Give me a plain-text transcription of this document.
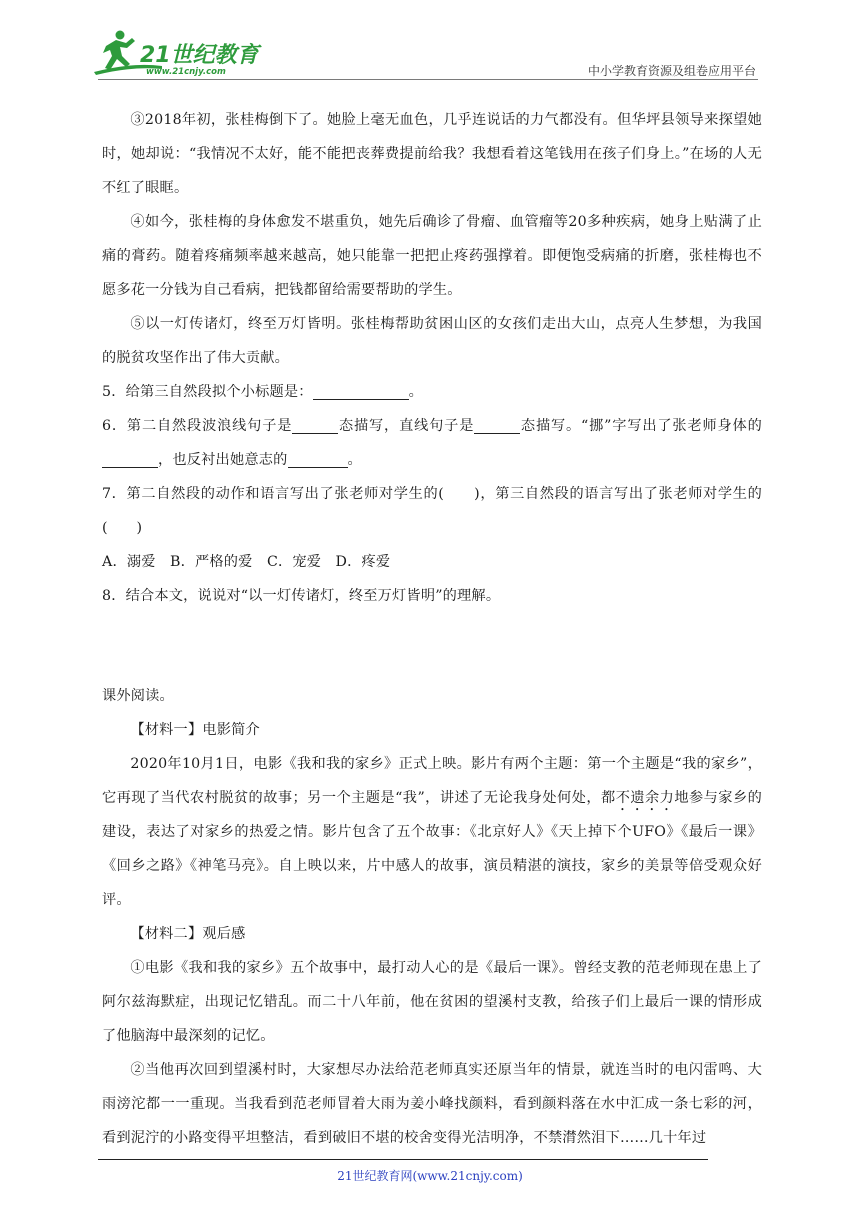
21世纪教育
www.21cnjy.com	中小学教育资源及组卷应用平台

③2018年初，张桂梅倒下了。她脸上毫无血色，几乎连说话的力气都没有。但华坪县领导来探望她时，她却说：“我情况不太好，能不能把丧葬费提前给我？我想看着这笔钱用在孩子们身上。”在场的人无不红了眼眶。

④如今，张桂梅的身体愈发不堪重负，她先后确诊了骨瘤、血管瘤等20多种疾病，她身上贴满了止痛的膏药。随着疼痛频率越来越高，她只能靠一把把止疼药强撑着。即便饱受病痛的折磨，张桂梅也不愿多花一分钱为自己看病，把钱都留给需要帮助的学生。

⑤以一灯传诸灯，终至万灯皆明。张桂梅帮助贫困山区的女孩们走出大山，点亮人生梦想，为我国的脱贫攻坚作出了伟大贡献。

5．给第三自然段拟个小标题是：	。

6．第二自然段波浪线句子是	态描写，直线句子是	态描写。“挪”字写出了张老师身体的，也反衬出她意志的	。

7．第二自然段的动作和语言写出了张老师对学生的(　　)，第三自然段的语言写出了张老师对学生的(　　)

A．溺爱　B．严格的爱　C．宠爱　D．疼爱

8．结合本文，说说对“以一灯传诸灯，终至万灯皆明”的理解。

课外阅读。

【材料一】电影简介

2020年10月1日，电影《我和我的家乡》正式上映。影片有两个主题：第一个主题是“我的家乡”，它再现了当代农村脱贫的故事；另一个主题是“我”，讲述了无论我身处何处，都不遗余力地参与家乡的建设，表达了对家乡的热爱之情。影片包含了五个故事：《北京好人》《天上掉下个UFO》《最后一课》《回乡之路》《神笔马亮》。自上映以来，片中感人的故事，演员精湛的演技，家乡的美景等倍受观众好评。

【材料二】观后感

①电影《我和我的家乡》五个故事中，最打动人心的是《最后一课》。曾经支教的范老师现在患上了阿尔兹海默症，出现记忆错乱。而二十八年前，他在贫困的望溪村支教，给孩子们上最后一课的情形成了他脑海中最深刻的记忆。

②当他再次回到望溪村时，大家想尽办法给范老师真实还原当年的情景，就连当时的电闪雷鸣、大雨滂沱都一一重现。当我看到范老师冒着大雨为姜小峰找颜料，看到颜料落在水中汇成一条七彩的河，看到泥泞的小路变得平坦整洁，看到破旧不堪的校舍变得光洁明净，不禁潸然泪下……几十年过

21世纪教育网(www.21cnjy.com)
